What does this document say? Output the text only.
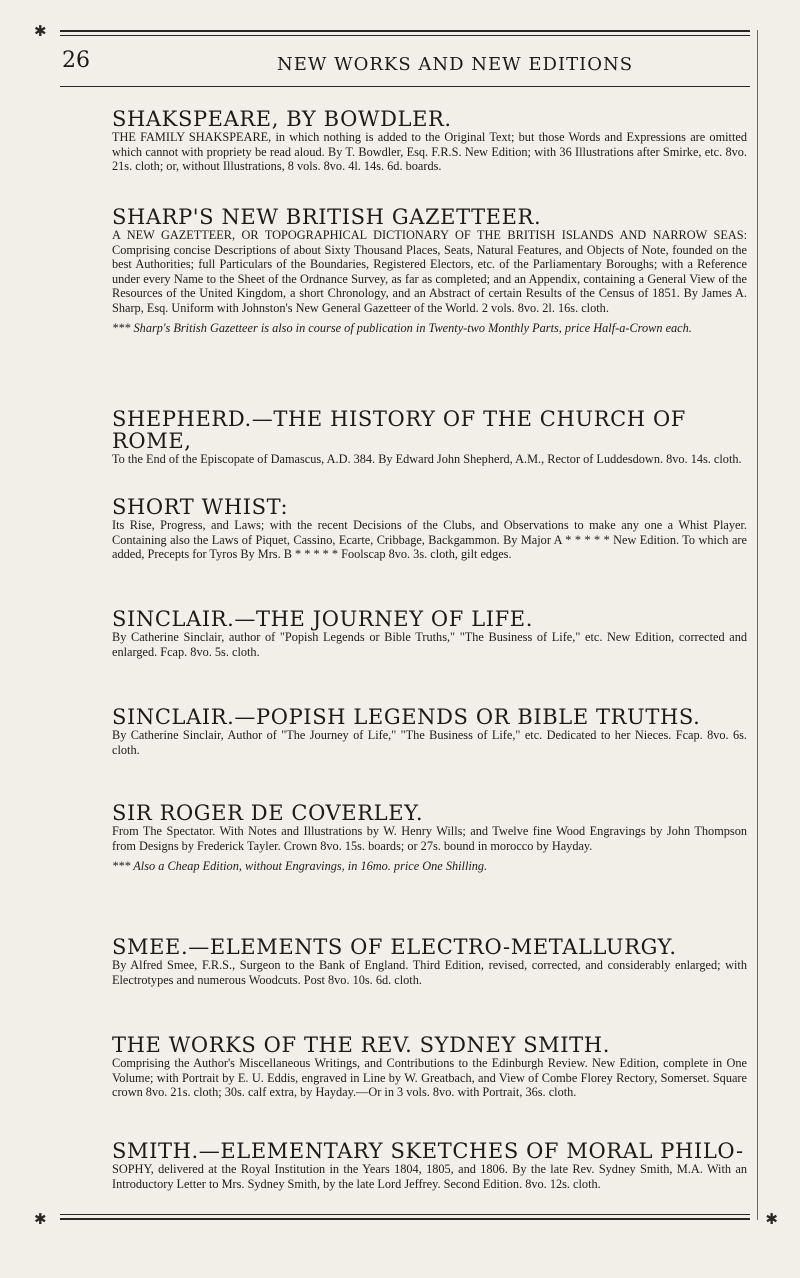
✱
26	NEW WORKS AND NEW EDITIONS
SHAKSPEARE, BY BOWDLER.

THE FAMILY SHAKSPEARE, in which nothing is added to the Original Text; but those Words and Expressions are omitted which cannot with propriety be read aloud. By T. Bowdler, Esq. F.R.S. New Edition; with 36 Illustrations after Smirke, etc. 8vo. 21s. cloth; or, without Illustrations, 8 vols. 8vo. 4l. 14s. 6d. boards.

SHARP'S NEW BRITISH GAZETTEER.

A NEW GAZETTEER, OR TOPOGRAPHICAL DICTIONARY OF THE BRITISH ISLANDS AND NARROW SEAS: Comprising concise Descriptions of about Sixty Thousand Places, Seats, Natural Features, and Objects of Note, founded on the best Authorities; full Particulars of the Boundaries, Registered Electors, etc. of the Parliamentary Boroughs; with a Reference under every Name to the Sheet of the Ordnance Survey, as far as completed; and an Appendix, containing a General View of the Resources of the United Kingdom, a short Chronology, and an Abstract of certain Results of the Census of 1851. By James A. Sharp, Esq. Uniform with Johnston's New General Gazetteer of the World. 2 vols. 8vo. 2l. 16s. cloth.

*** Sharp's British Gazetteer is also in course of publication in Twenty-two Monthly Parts, price Half-a-Crown each.

SHEPHERD.—THE HISTORY OF THE CHURCH OF ROME,

To the End of the Episcopate of Damascus, A.D. 384. By Edward John Shepherd, A.M., Rector of Luddesdown. 8vo. 14s. cloth.

SHORT WHIST:

Its Rise, Progress, and Laws; with the recent Decisions of the Clubs, and Observations to make any one a Whist Player. Containing also the Laws of Piquet, Cassino, Ecarte, Cribbage, Backgammon. By Major A * * * * * New Edition. To which are added, Precepts for Tyros By Mrs. B * * * * * Foolscap 8vo. 3s. cloth, gilt edges.

SINCLAIR.—THE JOURNEY OF LIFE.

By Catherine Sinclair, author of "Popish Legends or Bible Truths," "The Business of Life," etc. New Edition, corrected and enlarged. Fcap. 8vo. 5s. cloth.

SINCLAIR.—POPISH LEGENDS OR BIBLE TRUTHS.

By Catherine Sinclair, Author of "The Journey of Life," "The Business of Life," etc. Dedicated to her Nieces. Fcap. 8vo. 6s. cloth.

SIR ROGER DE COVERLEY.

From The Spectator. With Notes and Illustrations by W. Henry Wills; and Twelve fine Wood Engravings by John Thompson from Designs by Frederick Tayler. Crown 8vo. 15s. boards; or 27s. bound in morocco by Hayday.

*** Also a Cheap Edition, without Engravings, in 16mo. price One Shilling.

SMEE.—ELEMENTS OF ELECTRO-METALLURGY.

By Alfred Smee, F.R.S., Surgeon to the Bank of England. Third Edition, revised, corrected, and considerably enlarged; with Electrotypes and numerous Woodcuts. Post 8vo. 10s. 6d. cloth.

THE WORKS OF THE REV. SYDNEY SMITH.

Comprising the Author's Miscellaneous Writings, and Contributions to the Edinburgh Review. New Edition, complete in One Volume; with Portrait by E. U. Eddis, engraved in Line by W. Greatbach, and View of Combe Florey Rectory, Somerset. Square crown 8vo. 21s. cloth; 30s. calf extra, by Hayday.—Or in 3 vols. 8vo. with Portrait, 36s. cloth.

SMITH.—ELEMENTARY SKETCHES OF MORAL PHILO-

SOPHY, delivered at the Royal Institution in the Years 1804, 1805, and 1806. By the late Rev. Sydney Smith, M.A. With an Introductory Letter to Mrs. Sydney Smith, by the late Lord Jeffrey. Second Edition. 8vo. 12s. cloth.

✱	✱
